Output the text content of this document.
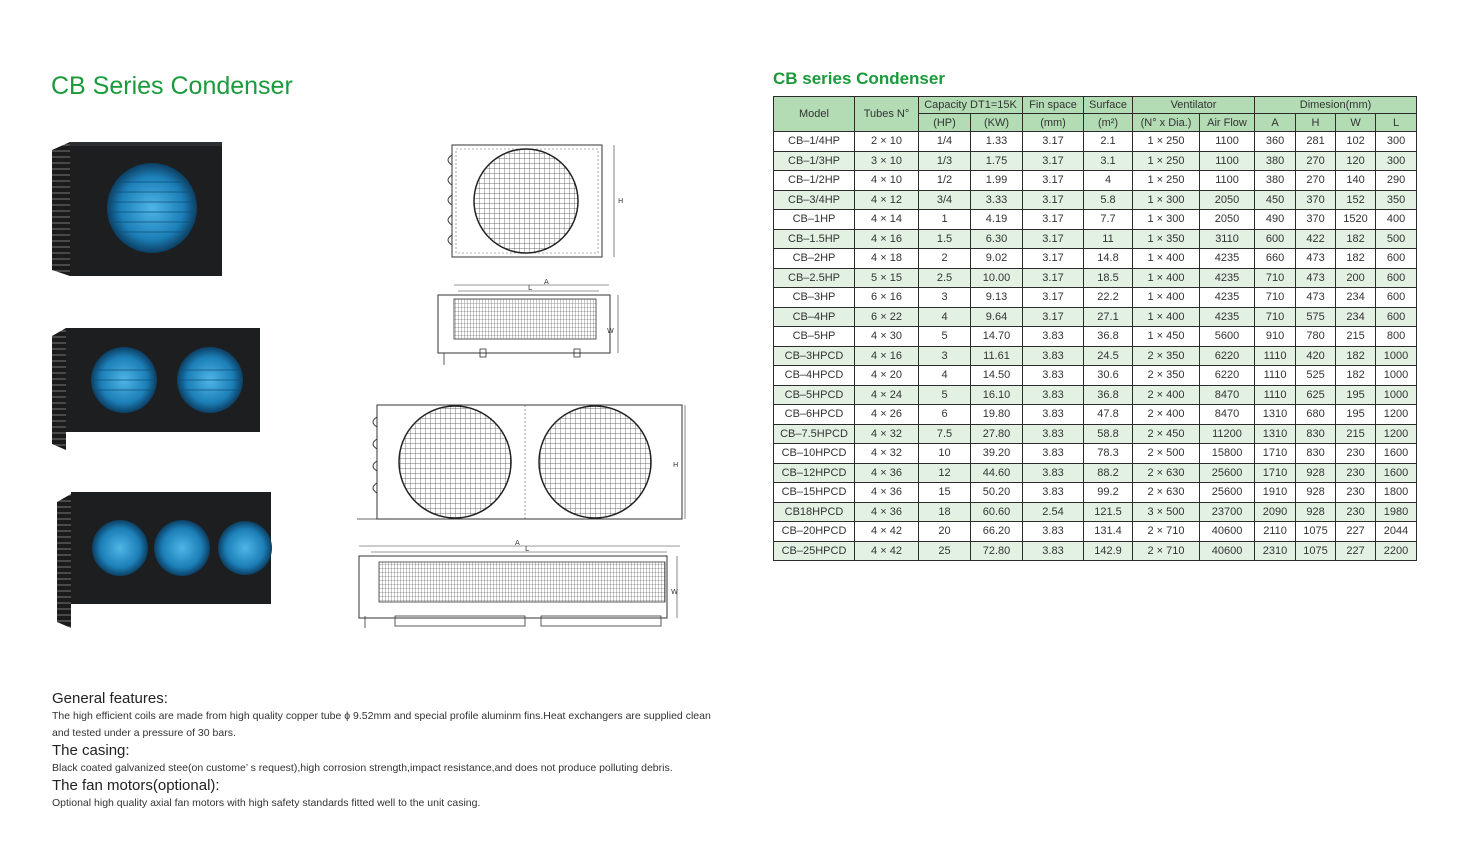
CB Series Condenser	CB series Condenser
H
A
L
W
H
A
L
W
Model	Tubes N°	Capacity DT1=15K		Fin space	Surface	Ventilator		Dimesion(mm)			
		(HP)	(KW)	(mm)	(m²)	(N° x Dia.)	Air Flow	A	H	W	L
CB–1/4HP	2 × 10	1/4	1.33	3.17	2.1	1 × 250	1100	360	281	102	300
CB–1/3HP	3 × 10	1/3	1.75	3.17	3.1	1 × 250	1100	380	270	120	300
CB–1/2HP	4 × 10	1/2	1.99	3.17	4	1 × 250	1100	380	270	140	290
CB–3/4HP	4 × 12	3/4	3.33	3.17	5.8	1 × 300	2050	450	370	152	350
CB–1HP	4 × 14	1	4.19	3.17	7.7	1 × 300	2050	490	370	1520	400
CB–1.5HP	4 × 16	1.5	6.30	3.17	11	1 × 350	3110	600	422	182	500
CB–2HP	4 × 18	2	9.02	3.17	14.8	1 × 400	4235	660	473	182	600
CB–2.5HP	5 × 15	2.5	10.00	3.17	18.5	1 × 400	4235	710	473	200	600
CB–3HP	6 × 16	3	9.13	3.17	22.2	1 × 400	4235	710	473	234	600
CB–4HP	6 × 22	4	9.64	3.17	27.1	1 × 400	4235	710	575	234	600
CB–5HP	4 × 30	5	14.70	3.83	36.8	1 × 450	5600	910	780	215	800
CB–3HPCD	4 × 16	3	11.61	3.83	24.5	2 × 350	6220	1110	420	182	1000
CB–4HPCD	4 × 20	4	14.50	3.83	30.6	2 × 350	6220	1110	525	182	1000
CB–5HPCD	4 × 24	5	16.10	3.83	36.8	2 × 400	8470	1110	625	195	1000
CB–6HPCD	4 × 26	6	19.80	3.83	47.8	2 × 400	8470	1310	680	195	1200
CB–7.5HPCD	4 × 32	7.5	27.80	3.83	58.8	2 × 450	11200	1310	830	215	1200
CB–10HPCD	4 × 32	10	39.20	3.83	78.3	2 × 500	15800	1710	830	230	1600
CB–12HPCD	4 × 36	12	44.60	3.83	88.2	2 × 630	25600	1710	928	230	1600
CB–15HPCD	4 × 36	15	50.20	3.83	99.2	2 × 630	25600	1910	928	230	1800
CB18HPCD	4 × 36	18	60.60	2.54	121.5	3 × 500	23700	2090	928	230	1980
CB–20HPCD	4 × 42	20	66.20	3.83	131.4	2 × 710	40600	2110	1075	227	2044
CB–25HPCD	4 × 42	25	72.80	3.83	142.9	2 × 710	40600	2310	1075	227	2200
General features:

The high efficient coils are made from high quality copper tube ϕ 9.52mm and special profile aluminm fins.Heat exchangers are supplied clean and tested under a pressure of 30 bars.

The casing:

Black coated galvanized stee(on custome’ s request),high corrosion strength,impact resistance,and does not produce polluting debris.

The fan motors(optional):

Optional high quality axial fan motors with high safety standards fitted well to the unit casing.
